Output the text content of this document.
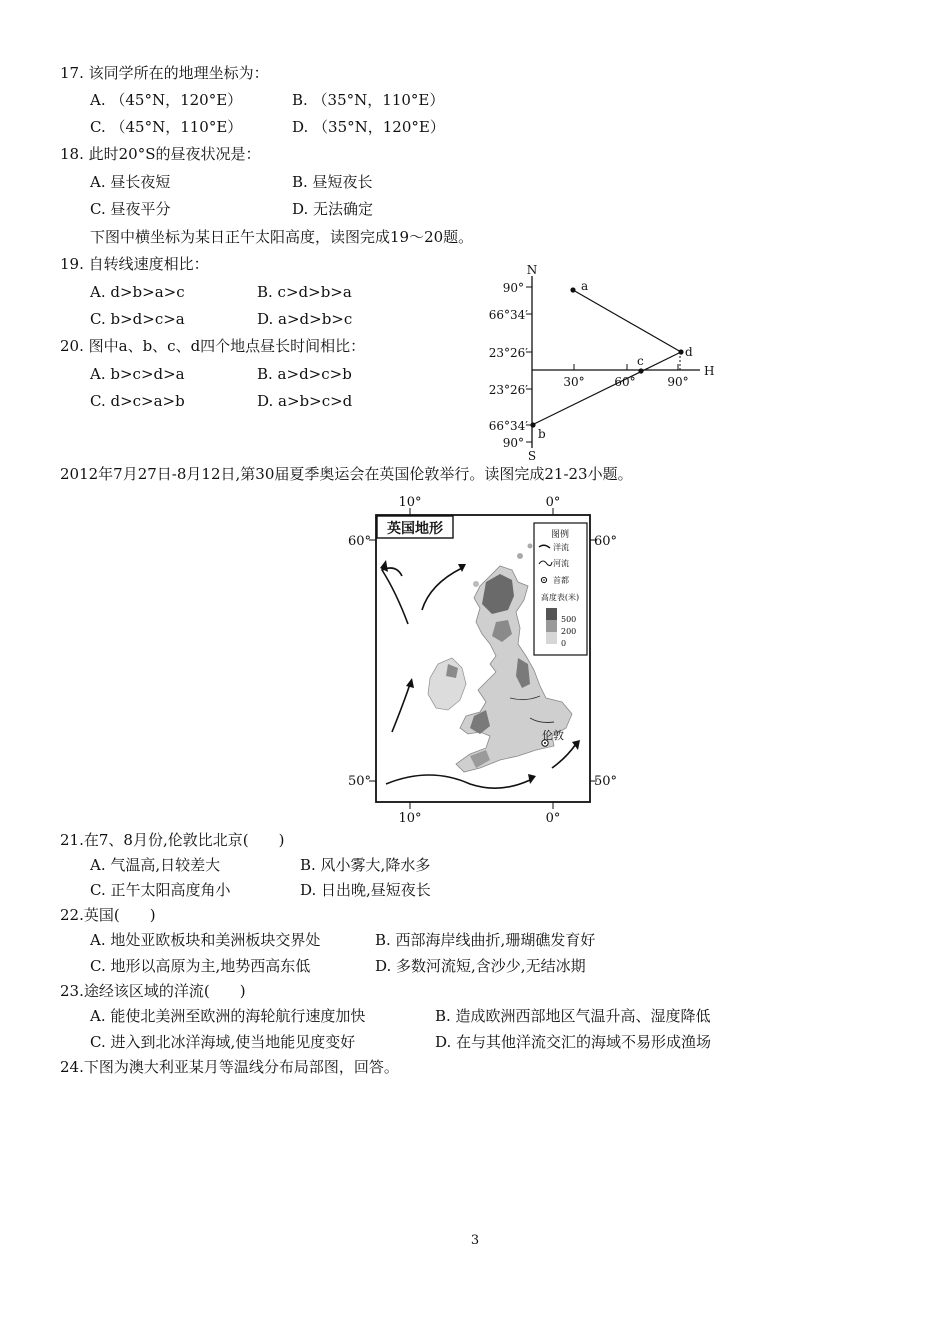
17. 该同学所在的地理坐标为：
A. （45°N，120°E）	B. （35°N，110°E）
C. （45°N，110°E）	D. （35°N，120°E）
18. 此时20°S的昼夜状况是：
A. 昼长夜短	B. 昼短夜长
C. 昼夜平分	D. 无法确定
下图中横坐标为某日正午太阳高度，读图完成19～20题。
19. 自转线速度相比：
A. d>b>a>c	B. c>d>b>a
C. b>d>c>a	D. a>d>b>c
20. 图中a、b、c、d四个地点昼长时间相比：
A. b>c>d>a	B. a>d>c>b
C. d>c>a>b	D. a>b>c>d
N
S
H
90°
66°34′
23°26′
23°26′
66°34′
90°
30° 60°	90°
a
d
c
b
2012年7月27日-8月12日,第30届夏季奥运会在英国伦敦举行。读图完成21-23小题。
10°	0°
10°	0°
60°	60°
50°	50°
英国地形
伦敦
图例
洋流
河流
首都
高度表(米)
500
200
0
21.在7、8月份,伦敦比北京(　　)
A. 气温高,日较差大	B. 风小雾大,降水多
C. 正午太阳高度角小	D. 日出晚,昼短夜长
22.英国(　　)
A. 地处亚欧板块和美洲板块交界处	B. 西部海岸线曲折,珊瑚礁发育好
C. 地形以高原为主,地势西高东低	D. 多数河流短,含沙少,无结冰期
23.途经该区域的洋流(　　)
A. 能使北美洲至欧洲的海轮航行速度加快	B. 造成欧洲西部地区气温升高、湿度降低
C. 进入到北冰洋海域,使当地能见度变好	D. 在与其他洋流交汇的海域不易形成渔场
24.下图为澳大利亚某月等温线分布局部图，回答。
3
